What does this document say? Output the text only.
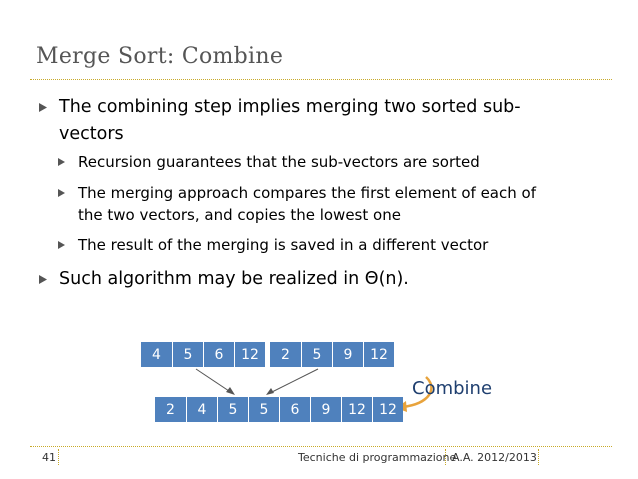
Merge Sort: Combine
The combining step implies merging two sorted sub-
vectors
Recursion guarantees that the sub-vectors are sorted
The merging approach compares the first element of each of
the two vectors, and copies the lowest one
The result of the merging is saved in a different vector
Such algorithm may be realized in Θ(n).
4	5	6	12	2	5	9	12
2	4	5	5	6	9	12 12
Combine
41	Tecniche di programmazione
A.A. 2012/2013
